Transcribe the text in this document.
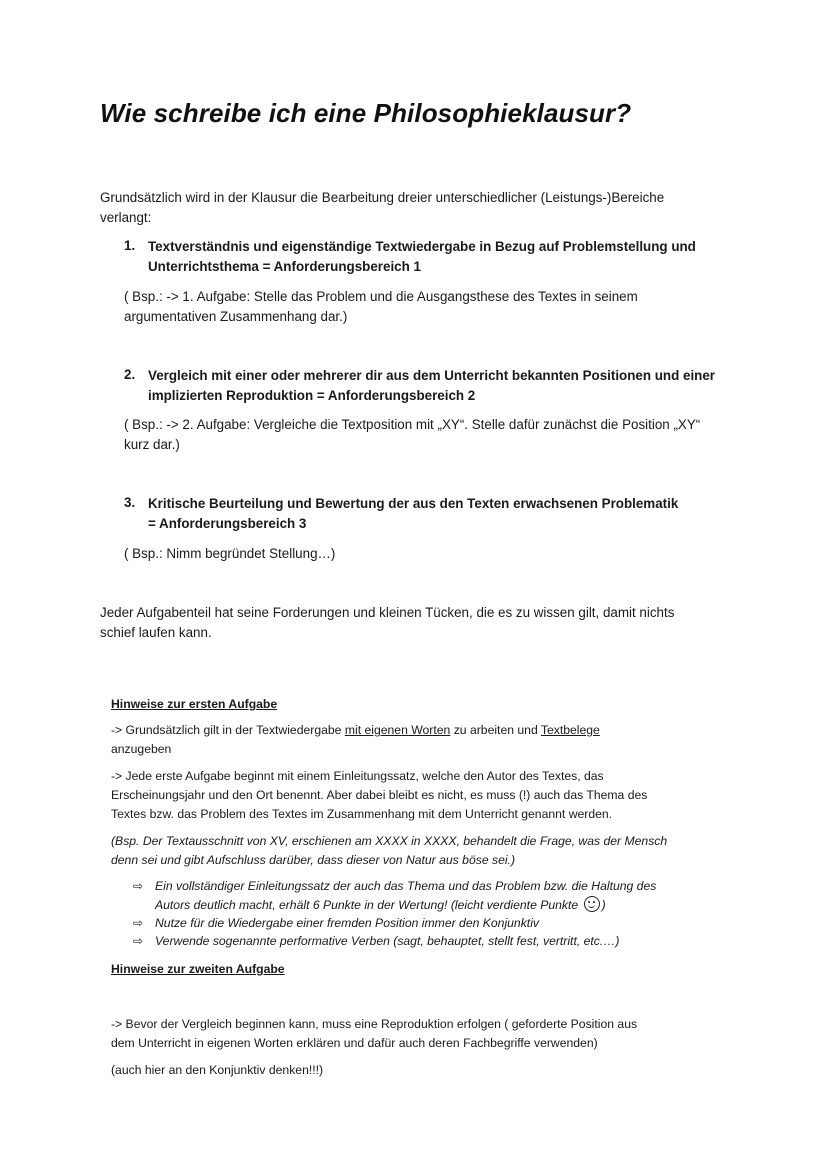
Wie schreibe ich eine Philosophieklausur?
Grundsätzlich wird in der Klausur die Bearbeitung dreier unterschiedlicher (Leistungs-)Bereiche
verlangt:
1. Textverständnis und eigenständige Textwiedergabe in Bezug auf Problemstellung und
Unterrichtsthema = Anforderungsbereich 1
( Bsp.: -> 1. Aufgabe: Stelle das Problem und die Ausgangsthese des Textes in seinem
argumentativen Zusammenhang dar.)
2. Vergleich mit einer oder mehrerer dir aus dem Unterricht bekannten Positionen und einer
implizierten Reproduktion = Anforderungsbereich 2
( Bsp.: -> 2. Aufgabe: Vergleiche die Textposition mit „XY“. Stelle dafür zunächst die Position „XY“
kurz dar.)
3. Kritische Beurteilung und Bewertung der aus den Texten erwachsenen Problematik
= Anforderungsbereich 3
( Bsp.: Nimm begründet Stellung…)
Jeder Aufgabenteil hat seine Forderungen und kleinen Tücken, die es zu wissen gilt, damit nichts
schief laufen kann.
Hinweise zur ersten Aufgabe
-> Grundsätzlich gilt in der Textwiedergabe mit eigenen Worten zu arbeiten und Textbelege
anzugeben
-> Jede erste Aufgabe beginnt mit einem Einleitungssatz, welche den Autor des Textes, das
Erscheinungsjahr und den Ort benennt. Aber dabei bleibt es nicht, es muss (!) auch das Thema des
Textes bzw. das Problem des Textes im Zusammenhang mit dem Unterricht genannt werden.
(Bsp. Der Textausschnitt von XV, erschienen am XXXX in XXXX, behandelt die Frage, was der Mensch
denn sei und gibt Aufschluss darüber, dass dieser von Natur aus böse sei.)
⇨ Ein vollständiger Einleitungssatz der auch das Thema und das Problem bzw. die Haltung des
Autors deutlich macht, erhält 6 Punkte in der Wertung! (leicht verdiente Punkte )
⇨ Nutze für die Wiedergabe einer fremden Position immer den Konjunktiv
⇨ Verwende sogenannte performative Verben (sagt, behauptet, stellt fest, vertritt, etc.…)
Hinweise zur zweiten Aufgabe
-> Bevor der Vergleich beginnen kann, muss eine Reproduktion erfolgen ( geforderte Position aus
dem Unterricht in eigenen Worten erklären und dafür auch deren Fachbegriffe verwenden)
(auch hier an den Konjunktiv denken!!!)
